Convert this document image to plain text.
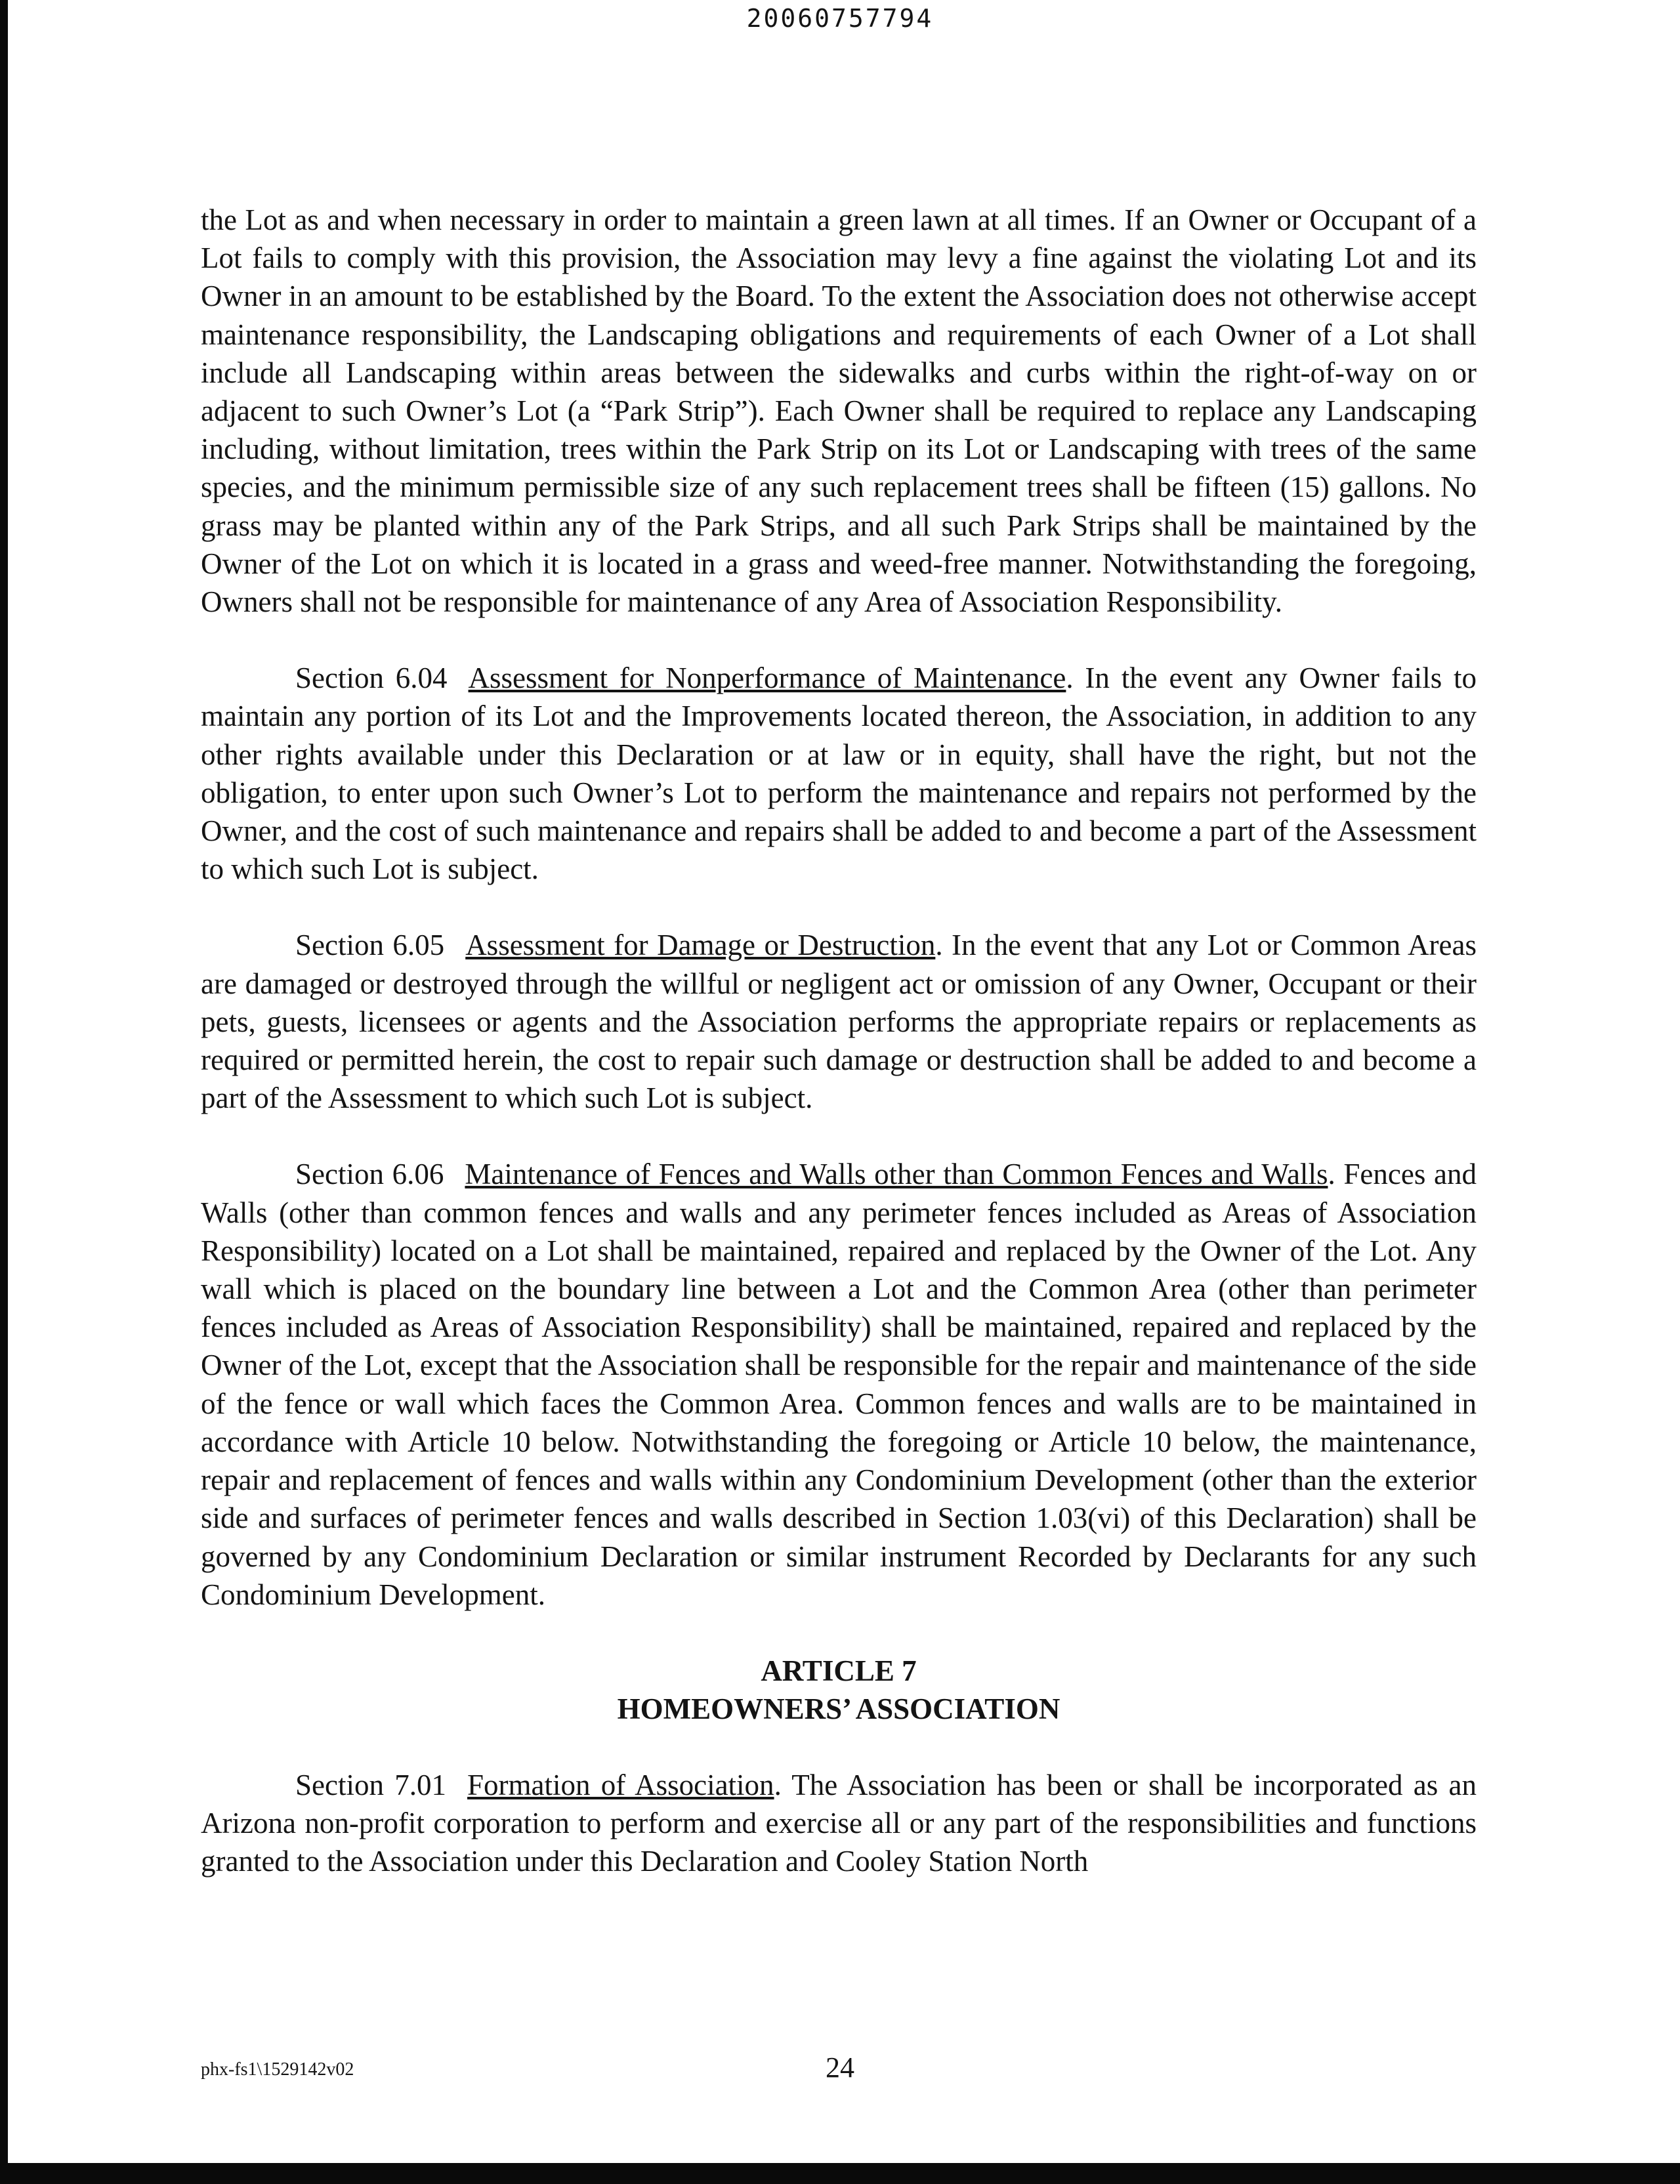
20060757794

the Lot as and when necessary in order to maintain a green lawn at all times. If an Owner or Occupant of a Lot fails to comply with this provision, the Association may levy a fine against the violating Lot and its Owner in an amount to be established by the Board. To the extent the Association does not otherwise accept maintenance responsibility, the Landscaping obligations and requirements of each Owner of a Lot shall include all Landscaping within areas between the sidewalks and curbs within the right-of-way on or adjacent to such Owner’s Lot (a “Park Strip”). Each Owner shall be required to replace any Landscaping including, without limitation, trees within the Park Strip on its Lot or Landscaping with trees of the same species, and the minimum permissible size of any such replacement trees shall be fifteen (15) gallons. No grass may be planted within any of the Park Strips, and all such Park Strips shall be maintained by the Owner of the Lot on which it is located in a grass and weed-free manner. Notwithstanding the foregoing, Owners shall not be responsible for maintenance of any Area of Association Responsibility.

Section 6.04 Assessment for Nonperformance of Maintenance. In the event any Owner fails to maintain any portion of its Lot and the Improvements located thereon, the Association, in addition to any other rights available under this Declaration or at law or in equity, shall have the right, but not the obligation, to enter upon such Owner’s Lot to perform the maintenance and repairs not performed by the Owner, and the cost of such maintenance and repairs shall be added to and become a part of the Assessment to which such Lot is subject.

Section 6.05 Assessment for Damage or Destruction. In the event that any Lot or Common Areas are damaged or destroyed through the willful or negligent act or omission of any Owner, Occupant or their pets, guests, licensees or agents and the Association performs the appropriate repairs or replacements as required or permitted herein, the cost to repair such damage or destruction shall be added to and become a part of the Assessment to which such Lot is subject.

Section 6.06 Maintenance of Fences and Walls other than Common Fences and Walls. Fences and Walls (other than common fences and walls and any perimeter fences included as Areas of Association Responsibility) located on a Lot shall be maintained, repaired and replaced by the Owner of the Lot. Any wall which is placed on the boundary line between a Lot and the Common Area (other than perimeter fences included as Areas of Association Responsibility) shall be maintained, repaired and replaced by the Owner of the Lot, except that the Association shall be responsible for the repair and maintenance of the side of the fence or wall which faces the Common Area. Common fences and walls are to be maintained in accordance with Article 10 below. Notwithstanding the foregoing or Article 10 below, the maintenance, repair and replacement of fences and walls within any Condominium Development (other than the exterior side and surfaces of perimeter fences and walls described in Section 1.03(vi) of this Declaration) shall be governed by any Condominium Declaration or similar instrument Recorded by Declarants for any such Condominium Development.

ARTICLE 7
HOMEOWNERS’ ASSOCIATION

Section 7.01 Formation of Association. The Association has been or shall be incorporated as an Arizona non-profit corporation to perform and exercise all or any part of the responsibilities and functions granted to the Association under this Declaration and Cooley Station North

phx-fs1\1529142v02	24
